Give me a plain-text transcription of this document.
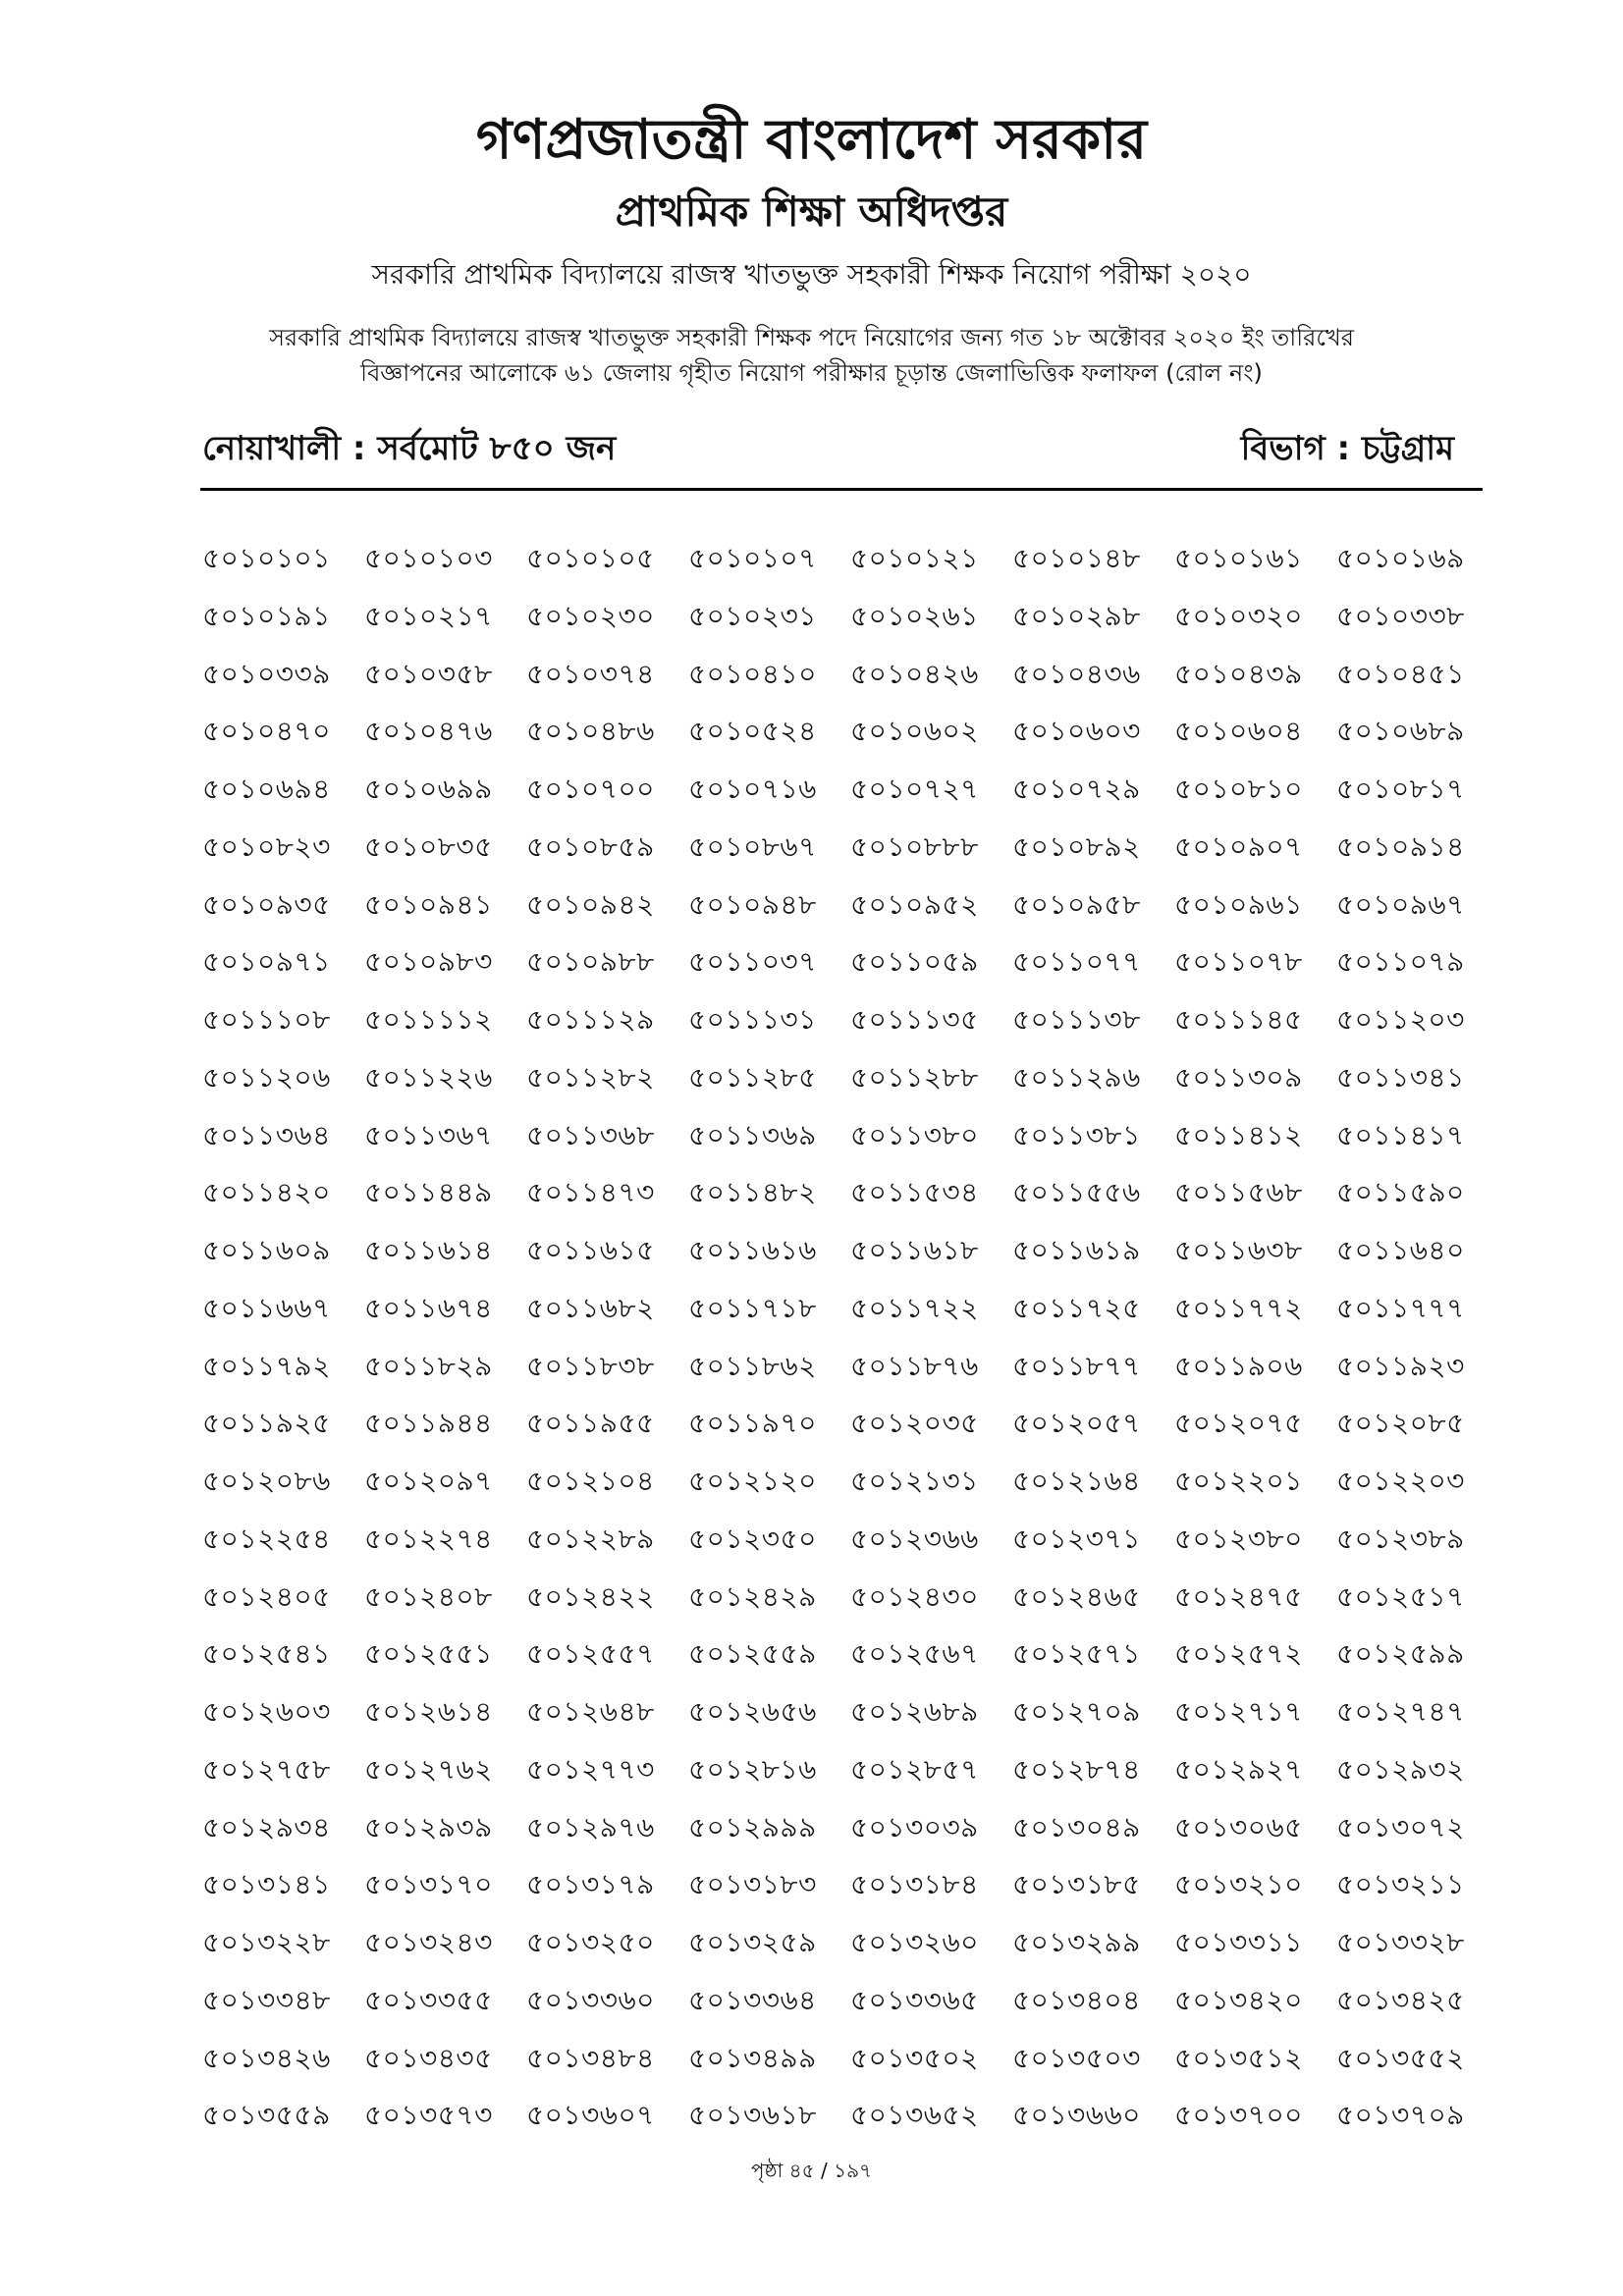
গণপ্রজাতন্ত্রী বাংলাদেশ সরকার
প্রাথমিক শিক্ষা অধিদপ্তর
সরকারি প্রাথমিক বিদ্যালয়ে রাজস্ব খাতভুক্ত সহকারী শিক্ষক নিয়োগ পরীক্ষা ২০২০
সরকারি প্রাথমিক বিদ্যালয়ে রাজস্ব খাতভুক্ত সহকারী শিক্ষক পদে নিয়োগের জন্য গত ১৮ অক্টোবর ২০২০ ইং তারিখের
বিজ্ঞাপনের আলোকে ৬১ জেলায় গৃহীত নিয়োগ পরীক্ষার চূড়ান্ত জেলাভিত্তিক ফলাফল (রোল নং)
নোয়াখালী : সর্বমোট ৮৫০ জন	বিভাগ : চট্টগ্রাম
৫০১০১০১	৫০১০১০৩	৫০১০১০৫	৫০১০১০৭	৫০১০১২১	৫০১০১৪৮	৫০১০১৬১	৫০১০১৬৯
৫০১০১৯১	৫০১০২১৭	৫০১০২৩০	৫০১০২৩১	৫০১০২৬১	৫০১০২৯৮	৫০১০৩২০	৫০১০৩৩৮
৫০১০৩৩৯	৫০১০৩৫৮	৫০১০৩৭৪	৫০১০৪১০	৫০১০৪২৬	৫০১০৪৩৬	৫০১০৪৩৯	৫০১০৪৫১
৫০১০৪৭০	৫০১০৪৭৬	৫০১০৪৮৬	৫০১০৫২৪	৫০১০৬০২	৫০১০৬০৩	৫০১০৬০৪	৫০১০৬৮৯
৫০১০৬৯৪	৫০১০৬৯৯	৫০১০৭০০	৫০১০৭১৬	৫০১০৭২৭	৫০১০৭২৯	৫০১০৮১০	৫০১০৮১৭
৫০১০৮২৩	৫০১০৮৩৫	৫০১০৮৫৯	৫০১০৮৬৭	৫০১০৮৮৮	৫০১০৮৯২	৫০১০৯০৭	৫০১০৯১৪
৫০১০৯৩৫	৫০১০৯৪১	৫০১০৯৪২	৫০১০৯৪৮	৫০১০৯৫২	৫০১০৯৫৮	৫০১০৯৬১	৫০১০৯৬৭
৫০১০৯৭১	৫০১০৯৮৩	৫০১০৯৮৮	৫০১১০৩৭	৫০১১০৫৯	৫০১১০৭৭	৫০১১০৭৮	৫০১১০৭৯
৫০১১১০৮	৫০১১১১২	৫০১১১২৯	৫০১১১৩১	৫০১১১৩৫	৫০১১১৩৮	৫০১১১৪৫	৫০১১২০৩
৫০১১২০৬	৫০১১২২৬	৫০১১২৮২	৫০১১২৮৫	৫০১১২৮৮	৫০১১২৯৬	৫০১১৩০৯	৫০১১৩৪১
৫০১১৩৬৪	৫০১১৩৬৭	৫০১১৩৬৮	৫০১১৩৬৯	৫০১১৩৮০	৫০১১৩৮১	৫০১১৪১২	৫০১১৪১৭
৫০১১৪২০	৫০১১৪৪৯	৫০১১৪৭৩	৫০১১৪৮২	৫০১১৫৩৪	৫০১১৫৫৬	৫০১১৫৬৮	৫০১১৫৯০
৫০১১৬০৯	৫০১১৬১৪	৫০১১৬১৫	৫০১১৬১৬	৫০১১৬১৮	৫০১১৬১৯	৫০১১৬৩৮	৫০১১৬৪০
৫০১১৬৬৭	৫০১১৬৭৪	৫০১১৬৮২	৫০১১৭১৮	৫০১১৭২২	৫০১১৭২৫	৫০১১৭৭২	৫০১১৭৭৭
৫০১১৭৯২	৫০১১৮২৯	৫০১১৮৩৮	৫০১১৮৬২	৫০১১৮৭৬	৫০১১৮৭৭	৫০১১৯০৬	৫০১১৯২৩
৫০১১৯২৫	৫০১১৯৪৪	৫০১১৯৫৫	৫০১১৯৭০	৫০১২০৩৫	৫০১২০৫৭	৫০১২০৭৫	৫০১২০৮৫
৫০১২০৮৬	৫০১২০৯৭	৫০১২১০৪	৫০১২১২০	৫০১২১৩১	৫০১২১৬৪	৫০১২২০১	৫০১২২০৩
৫০১২২৫৪	৫০১২২৭৪	৫০১২২৮৯	৫০১২৩৫০	৫০১২৩৬৬	৫০১২৩৭১	৫০১২৩৮০	৫০১২৩৮৯
৫০১২৪০৫	৫০১২৪০৮	৫০১২৪২২	৫০১২৪২৯	৫০১২৪৩০	৫০১২৪৬৫	৫০১২৪৭৫	৫০১২৫১৭
৫০১২৫৪১	৫০১২৫৫১	৫০১২৫৫৭	৫০১২৫৫৯	৫০১২৫৬৭	৫০১২৫৭১	৫০১২৫৭২	৫০১২৫৯৯
৫০১২৬০৩	৫০১২৬১৪	৫০১২৬৪৮	৫০১২৬৫৬	৫০১২৬৮৯	৫০১২৭০৯	৫০১২৭১৭	৫০১২৭৪৭
৫০১২৭৫৮	৫০১২৭৬২	৫০১২৭৭৩	৫০১২৮১৬	৫০১২৮৫৭	৫০১২৮৭৪	৫০১২৯২৭	৫০১২৯৩২
৫০১২৯৩৪	৫০১২৯৩৯	৫০১২৯৭৬	৫০১২৯৯৯	৫০১৩০৩৯	৫০১৩০৪৯	৫০১৩০৬৫	৫০১৩০৭২
৫০১৩১৪১	৫০১৩১৭০	৫০১৩১৭৯	৫০১৩১৮৩	৫০১৩১৮৪	৫০১৩১৮৫	৫০১৩২১০	৫০১৩২১১
৫০১৩২২৮	৫০১৩২৪৩	৫০১৩২৫০	৫০১৩২৫৯	৫০১৩২৬০	৫০১৩২৯৯	৫০১৩৩১১	৫০১৩৩২৮
৫০১৩৩৪৮	৫০১৩৩৫৫	৫০১৩৩৬০	৫০১৩৩৬৪	৫০১৩৩৬৫	৫০১৩৪০৪	৫০১৩৪২০	৫০১৩৪২৫
৫০১৩৪২৬	৫০১৩৪৩৫	৫০১৩৪৮৪	৫০১৩৪৯৯	৫০১৩৫০২	৫০১৩৫০৩	৫০১৩৫১২	৫০১৩৫৫২
৫০১৩৫৫৯	৫০১৩৫৭৩	৫০১৩৬০৭	৫০১৩৬১৮	৫০১৩৬৫২	৫০১৩৬৬০	৫০১৩৭০০	৫০১৩৭০৯
পৃষ্ঠা ৪৫ / ১৯৭
